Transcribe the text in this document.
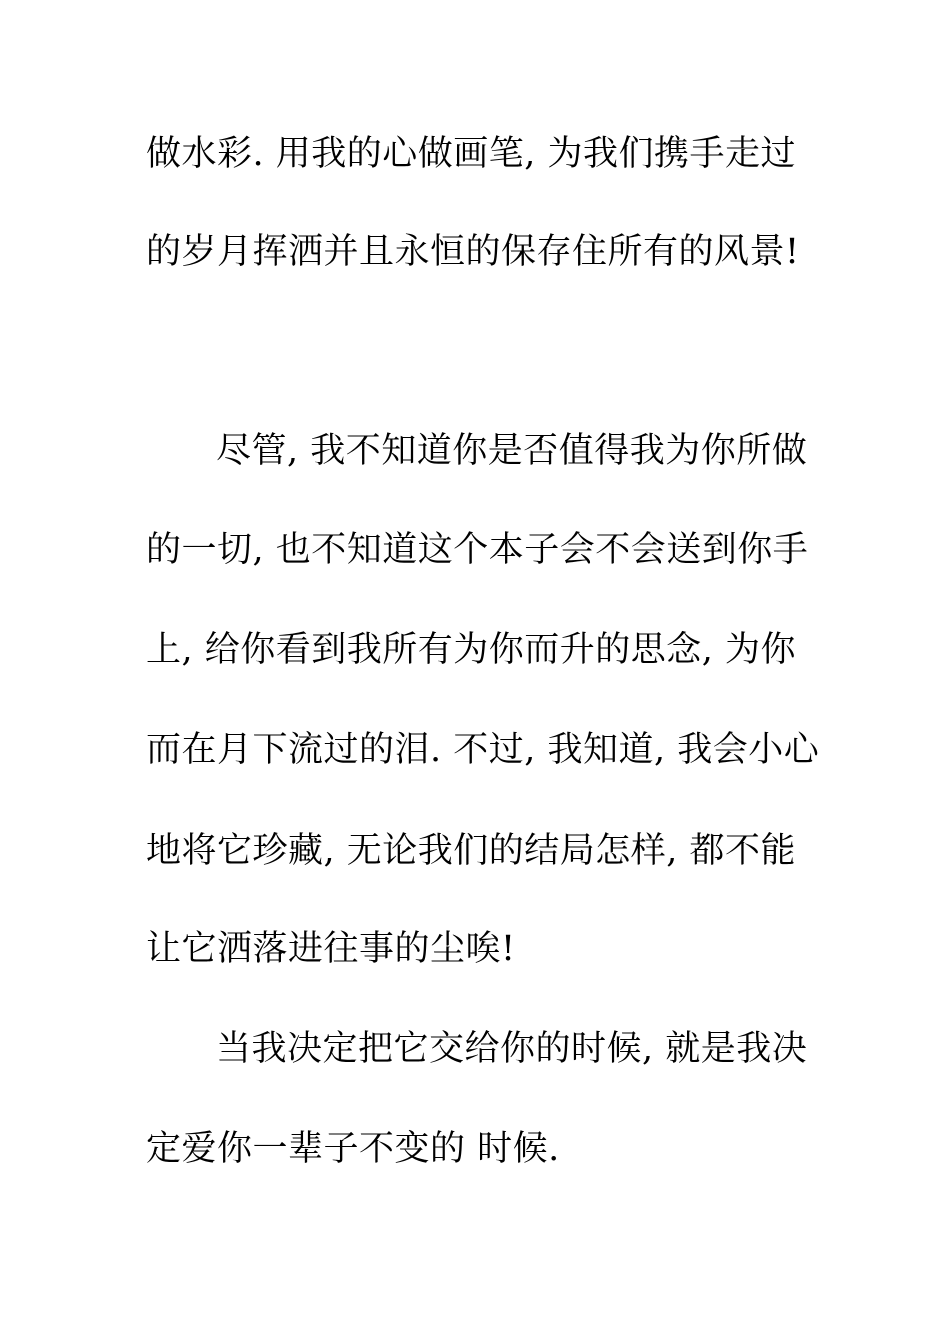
做水彩. 用我的心做画笔, 为我们携手走过
的岁月挥洒并且永恒的保存住所有的风景!
尽管, 我不知道你是否值得我为你所做
的一切, 也不知道这个本子会不会送到你手
上, 给你看到我所有为你而升的思念, 为你
而在月下流过的泪. 不过, 我知道, 我会小心
地将它珍藏, 无论我们的结局怎样, 都不能
让它洒落进往事的尘唉!
当我决定把它交给你的时候, 就是我决
定爱你一辈子不变的 时候.
